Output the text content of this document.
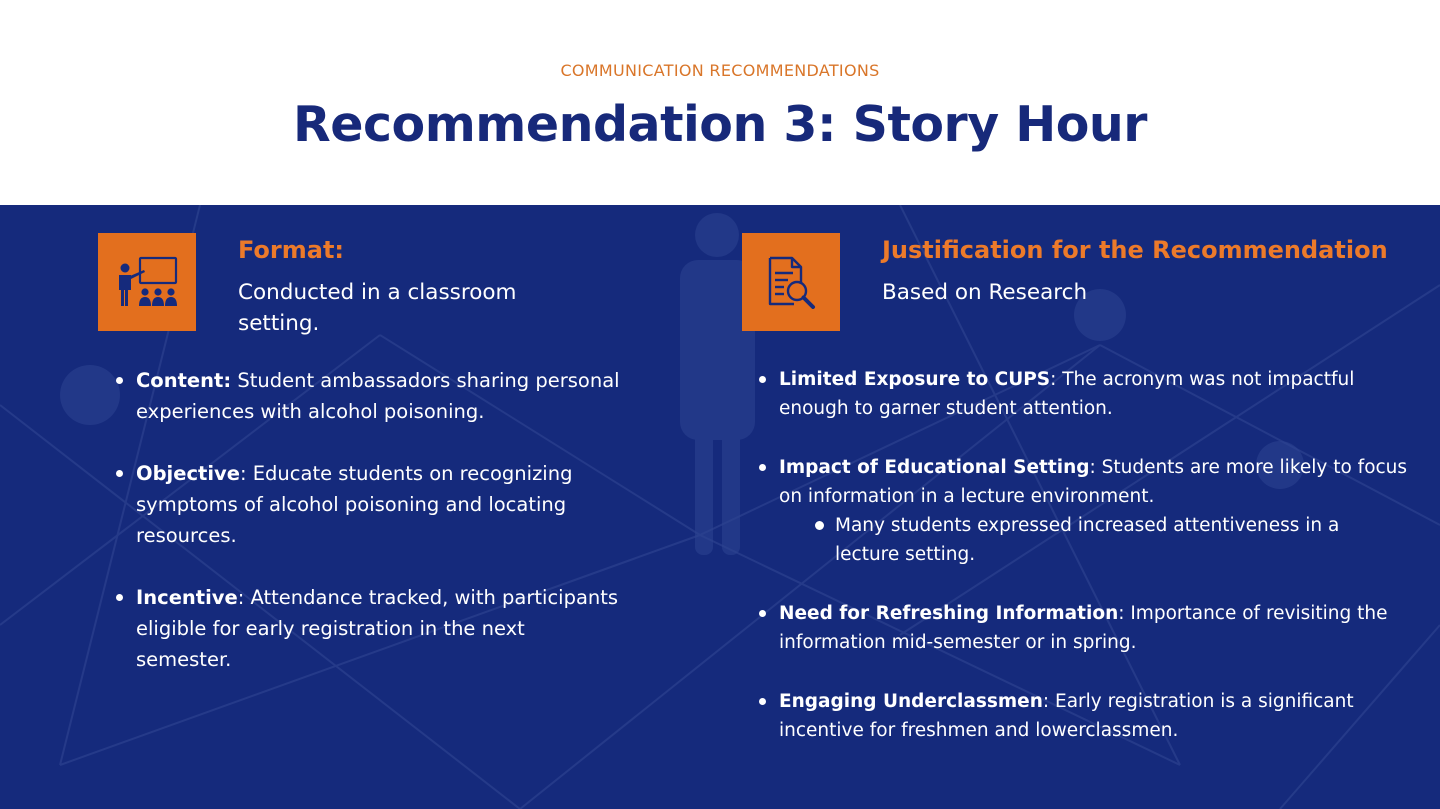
COMMUNICATION RECOMMENDATIONS
Recommendation 3: Story Hour
Format:
Conducted in a classroom setting.
Content: Student ambassadors sharing personal experiences with alcohol poisoning.
Objective: Educate students on recognizing symptoms of alcohol poisoning and locating resources.
Incentive: Attendance tracked, with participants eligible for early registration in the next semester.
Justification for the Recommendation
Based on Research
Limited Exposure to CUPS: The acronym was not impactful enough to garner student attention.
Impact of Educational Setting: Students are more likely to focus on information in a lecture environment.
Many students expressed increased attentiveness in a lecture setting.
Need for Refreshing Information: Importance of revisiting the information mid-semester or in spring.
Engaging Underclassmen: Early registration is a significant incentive for freshmen and lowerclassmen.
